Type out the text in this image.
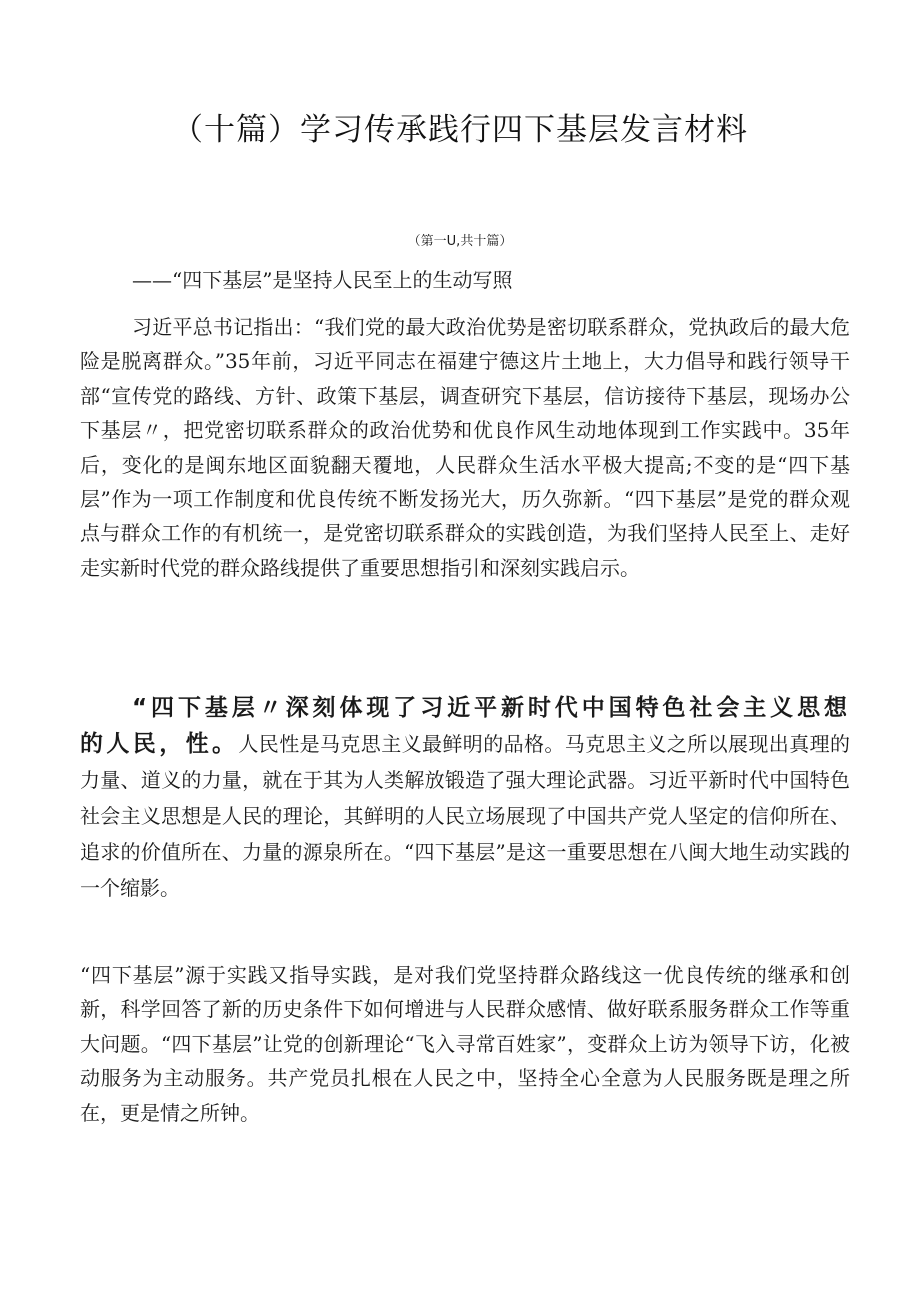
（十篇）学习传承践行四下基层发言材料
（第一U,共十篇）
——“四下基层”是坚持人民至上的生动写照

习近平总书记指出：“我们党的最大政治优势是密切联系群众，党执政后的最大危险是脱离群众。”35年前，习近平同志在福建宁德这片土地上，大力倡导和践行领导干部“宣传党的路线、方针、政策下基层，调查研究下基层，信访接待下基层，现场办公下基层〃，把党密切联系群众的政治优势和优良作风生动地体现到工作实践中。35年后，变化的是闽东地区面貌翻天覆地，人民群众生活水平极大提高;不变的是“四下基层”作为一项工作制度和优良传统不断发扬光大，历久弥新。“四下基层”是党的群众观点与群众工作的有机统一，是党密切联系群众的实践创造，为我们坚持人民至上、走好走实新时代党的群众路线提供了重要思想指引和深刻实践启示。

“四下基层〃深刻体现了习近平新时代中国特色社会主义思想的人民，性。人民性是马克思主义最鲜明的品格。马克思主义之所以展现出真理的力量、道义的力量，就在于其为人类解放锻造了强大理论武器。习近平新时代中国特色社会主义思想是人民的理论，其鲜明的人民立场展现了中国共产党人坚定的信仰所在、追求的价值所在、力量的源泉所在。“四下基层”是这一重要思想在八闽大地生动实践的一个缩影。

“四下基层”源于实践又指导实践，是对我们党坚持群众路线这一优良传统的继承和创新，科学回答了新的历史条件下如何增进与人民群众感情、做好联系服务群众工作等重大问题。“四下基层”让党的创新理论“飞入寻常百姓家”，变群众上访为领导下访，化被动服务为主动服务。共产党员扎根在人民之中，坚持全心全意为人民服务既是理之所在，更是情之所钟。
